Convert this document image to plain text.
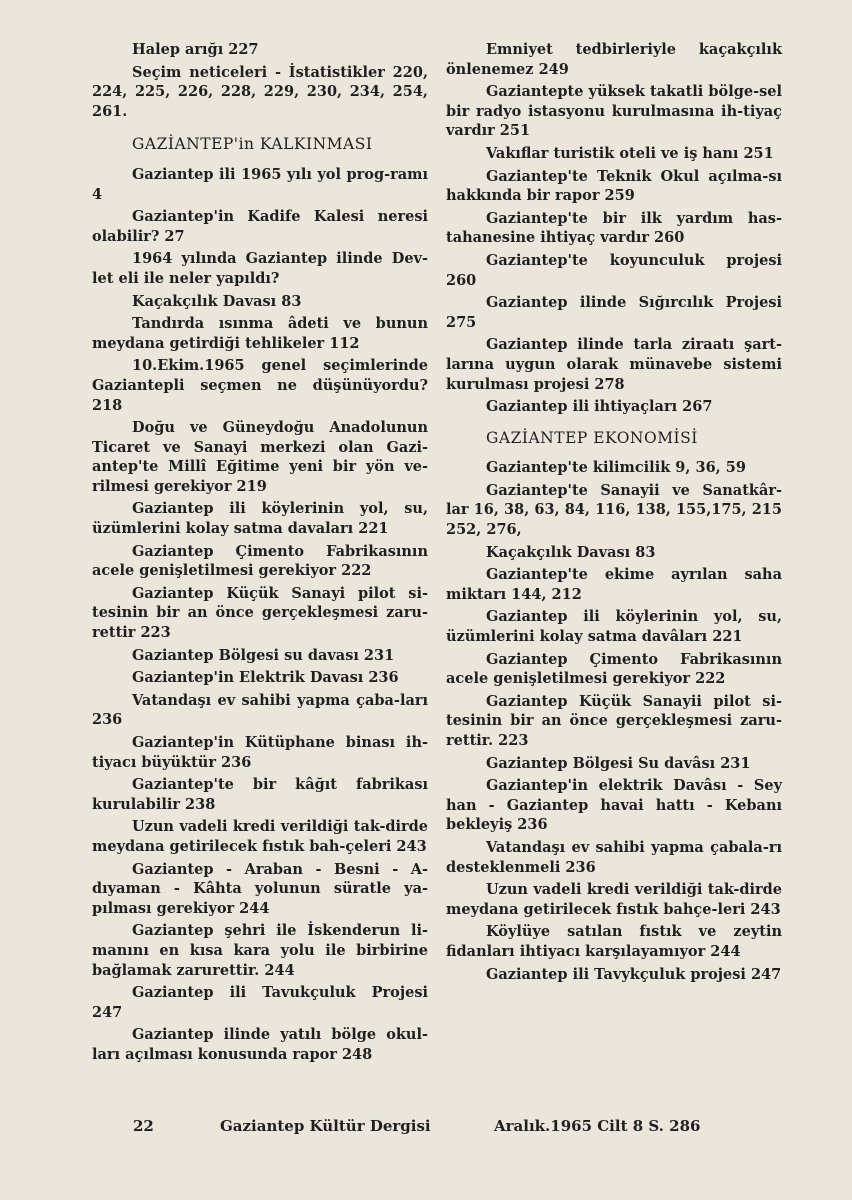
Halep arığı 227
Seçim neticeleri - İstatistikler 220, 224, 225, 226, 228, 229, 230, 234, 254, 261.
GAZİANTEP'in KALKINMASI
Gaziantep ili 1965 yılı yol prog-ramı 4
Gaziantep'in Kadife Kalesi neresi olabilir? 27
1964 yılında Gaziantep ilinde Dev-let eli ile neler yapıldı?
Kaçakçılık Davası 83
Tandırda ısınma âdeti ve bunun meydana getirdiği tehlikeler 112
10.Ekim.1965 genel seçimlerinde Gaziantepli seçmen ne düşünüyordu? 218
Doğu ve Güneydoğu Anadolunun Ticaret ve Sanayi merkezi olan Gazi-antep'te Millî Eğitime yeni bir yön ve-rilmesi gerekiyor 219
Gaziantep ili köylerinin yol, su, üzümlerini kolay satma davaları 221
Gaziantep Çimento Fabrikasının acele genişletilmesi gerekiyor 222
Gaziantep Küçük Sanayi pilot si-tesinin bir an önce gerçekleşmesi zaru-rettir 223
Gaziantep Bölgesi su davası 231
Gaziantep'in Elektrik Davası 236
Vatandaşı ev sahibi yapma çaba-ları 236
Gaziantep'in Kütüphane binası ih-tiyacı büyüktür 236
Gaziantep'te bir kâğıt fabrikası kurulabilir 238
Uzun vadeli kredi verildiği tak-dirde meydana getirilecek fıstık bah-çeleri 243
Gaziantep - Araban - Besni - A-dıyaman - Kâhta yolunun süratle ya-pılması gerekiyor 244
Gaziantep şehri ile İskenderun li-manını en kısa kara yolu ile birbirine bağlamak zarurettir. 244
Gaziantep ili Tavukçuluk Projesi 247
Gaziantep ilinde yatılı bölge okul-ları açılması konusunda rapor 248
Emniyet tedbirleriyle kaçakçılık önlenemez 249
Gaziantepte yüksek takatli bölge-sel bir radyo istasyonu kurulmasına ih-tiyaç vardır 251
Vakıflar turistik oteli ve iş hanı 251
Gaziantep'te Teknik Okul açılma-sı hakkında bir rapor 259
Gaziantep'te bir ilk yardım has-tahanesine ihtiyaç vardır 260
Gaziantep'te koyunculuk projesi 260
Gaziantep ilinde Sığırcılık Projesi 275
Gaziantep ilinde tarla ziraatı şart-larına uygun olarak münavebe sistemi kurulması projesi 278
Gaziantep ili ihtiyaçları 267
GAZİANTEP EKONOMİSİ
Gaziantep'te kilimcilik 9, 36, 59
Gaziantep'te Sanayii ve Sanatkâr-lar 16, 38, 63, 84, 116, 138, 155,175, 215 252, 276,
Kaçakçılık Davası 83
Gaziantep'te ekime ayrılan saha miktarı 144, 212
Gaziantep ili köylerinin yol, su, üzümlerini kolay satma davâları 221
Gaziantep Çimento Fabrikasının acele genişletilmesi gerekiyor 222
Gaziantep Küçük Sanayii pilot si-tesinin bir an önce gerçekleşmesi zaru-rettir. 223
Gaziantep Bölgesi Su davâsı 231
Gaziantep'in elektrik Davâsı - Sey han - Gaziantep havai hattı - Kebanı bekleyiş 236
Vatandaşı ev sahibi yapma çabala-rı desteklenmeli 236
Uzun vadeli kredi verildiği tak-dirde meydana getirilecek fıstık bahçe-leri 243
Köylüye satılan fıstık ve zeytin fidanları ihtiyacı karşılayamıyor 244
Gaziantep ili Tavykçuluk projesi 247
22	Gaziantep Kültür Dergisi	Aralık.1965 Cilt 8 S. 286
